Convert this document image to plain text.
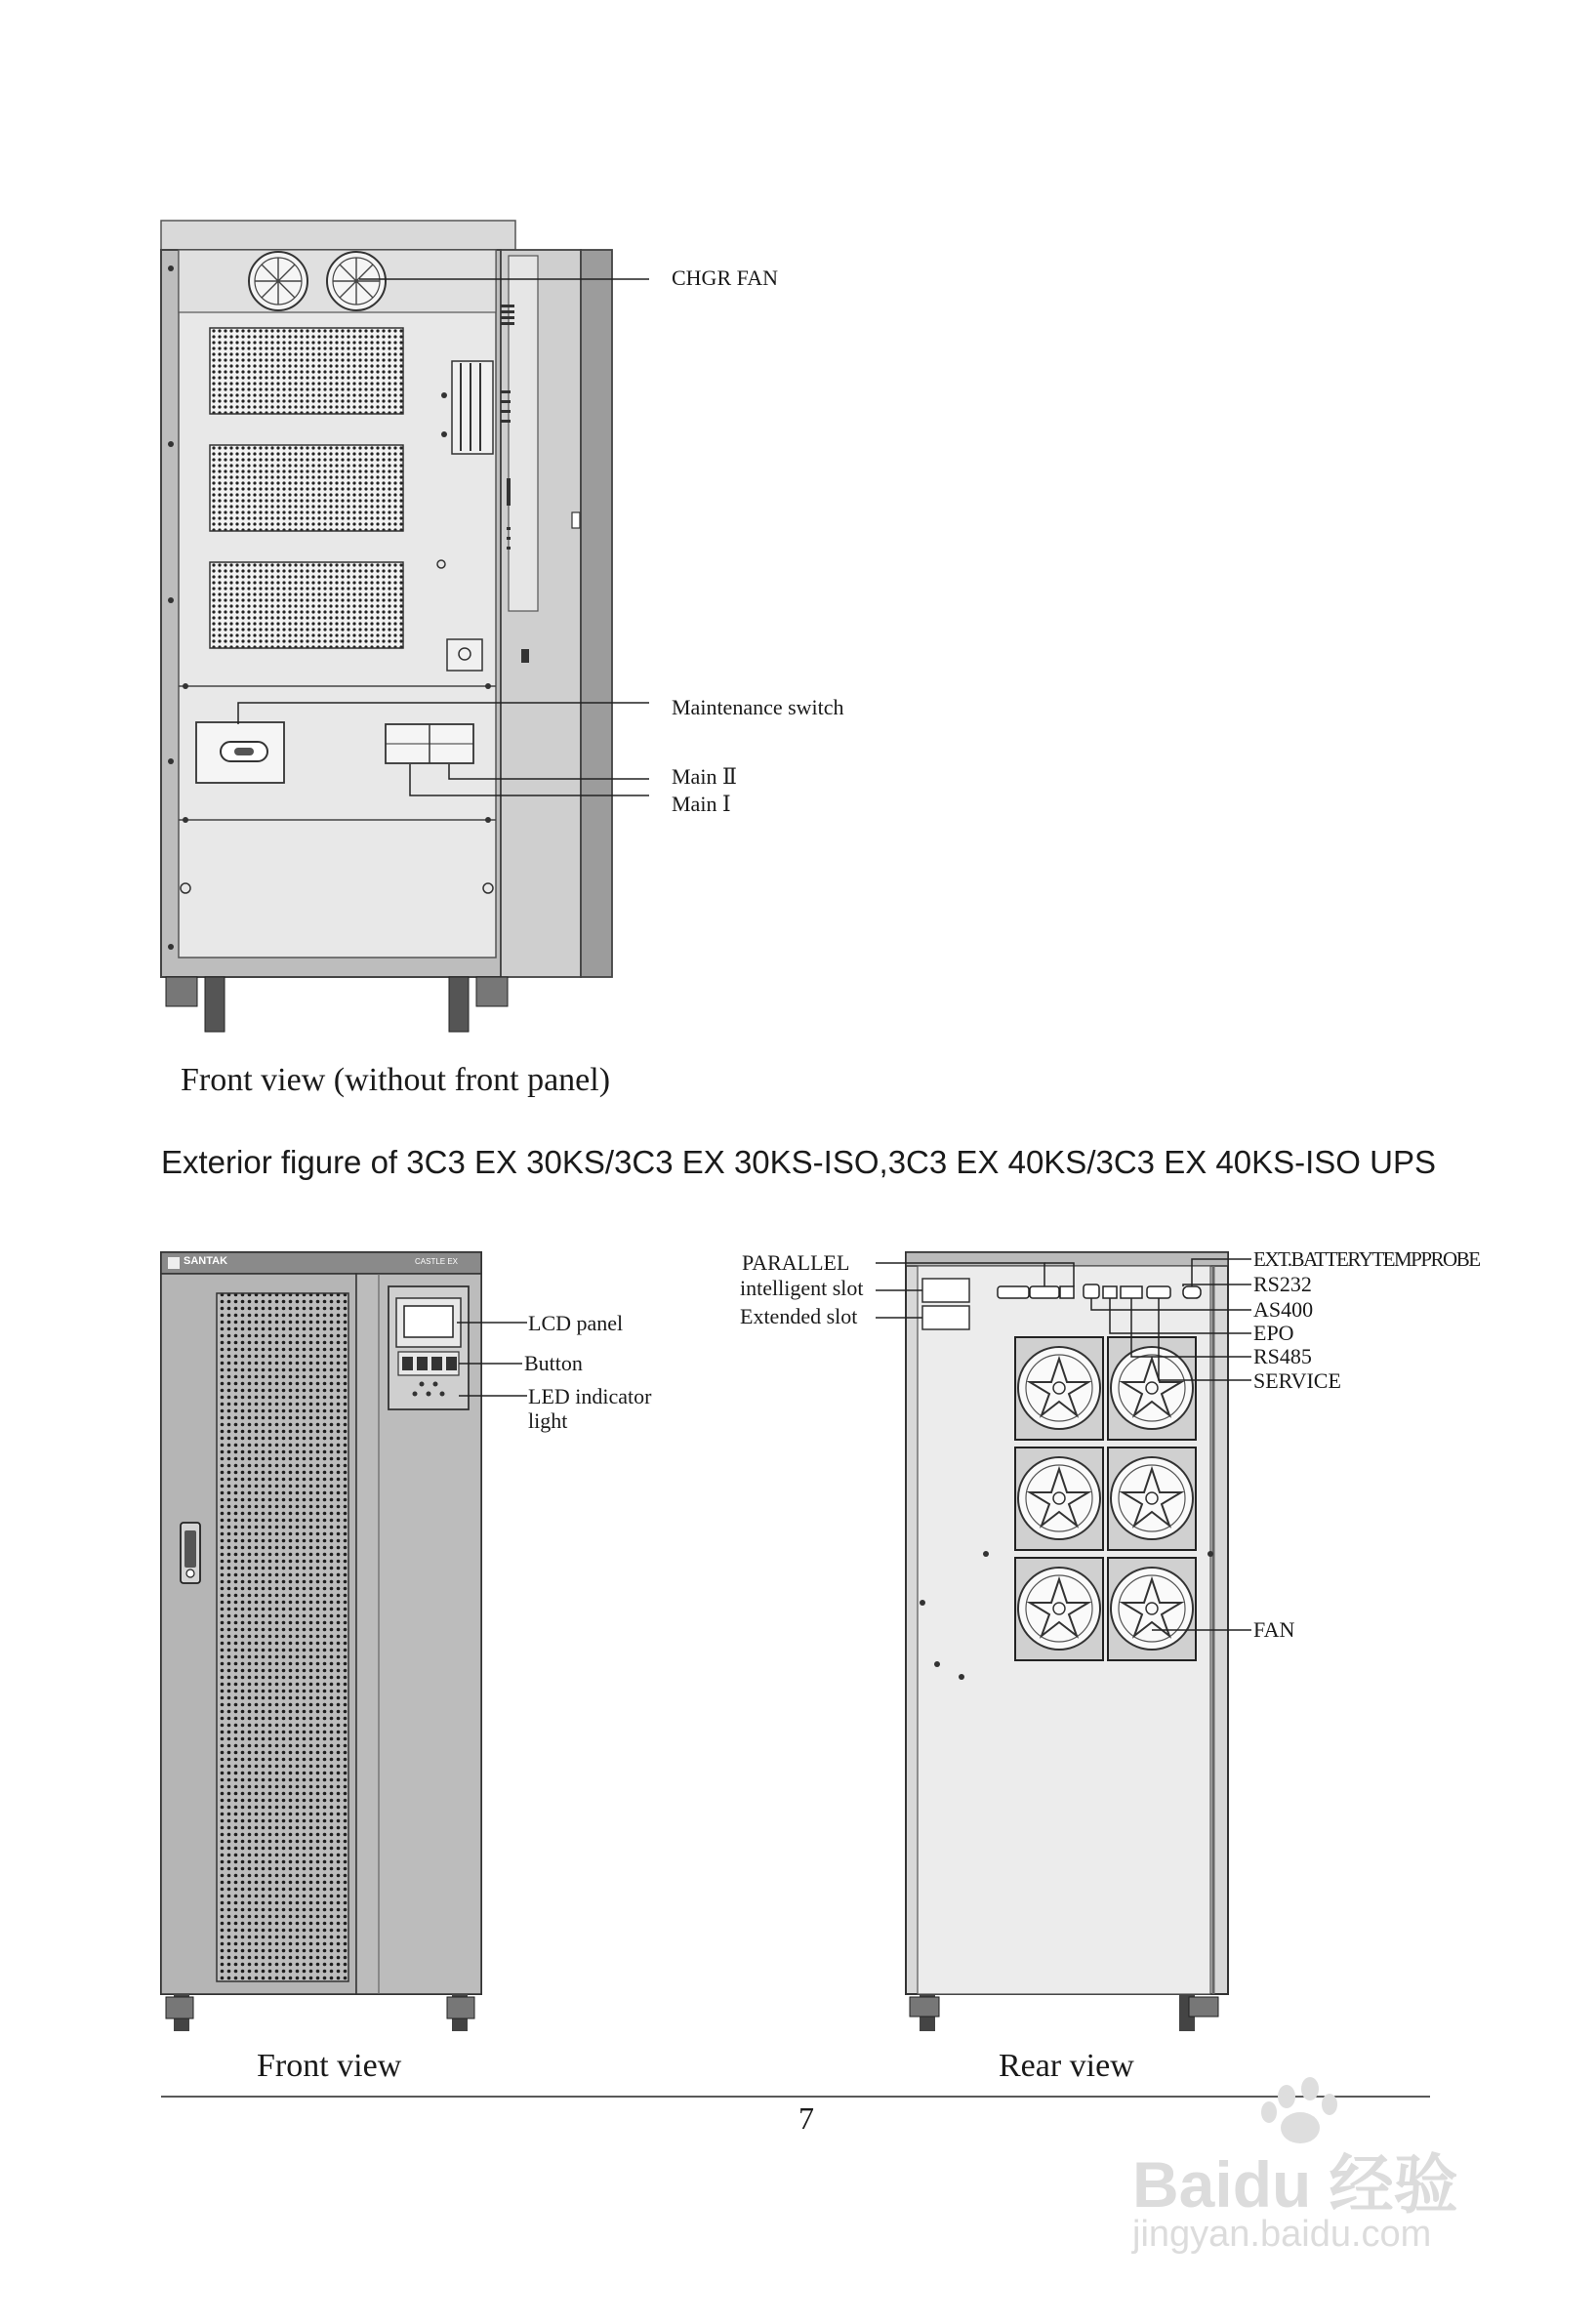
CHGR FAN
Maintenance switch
Main Ⅱ
Main Ⅰ
Front view (without front panel)
Exterior figure of 3C3 EX 30KS/3C3 EX 30KS-ISO,3C3 EX 40KS/3C3 EX 40KS-ISO UPS
SANTAK	CASTLE EX
LCD panel
Button
LED indicator
light
Front view
PARALLEL
intelligent slot
Extended slot
EXT.BATTERYTEMPPROBE
RS232
AS400
EPO
RS485
SERVICE
FAN
Rear view
7
Baidu 经验
jingyan.baidu.com
